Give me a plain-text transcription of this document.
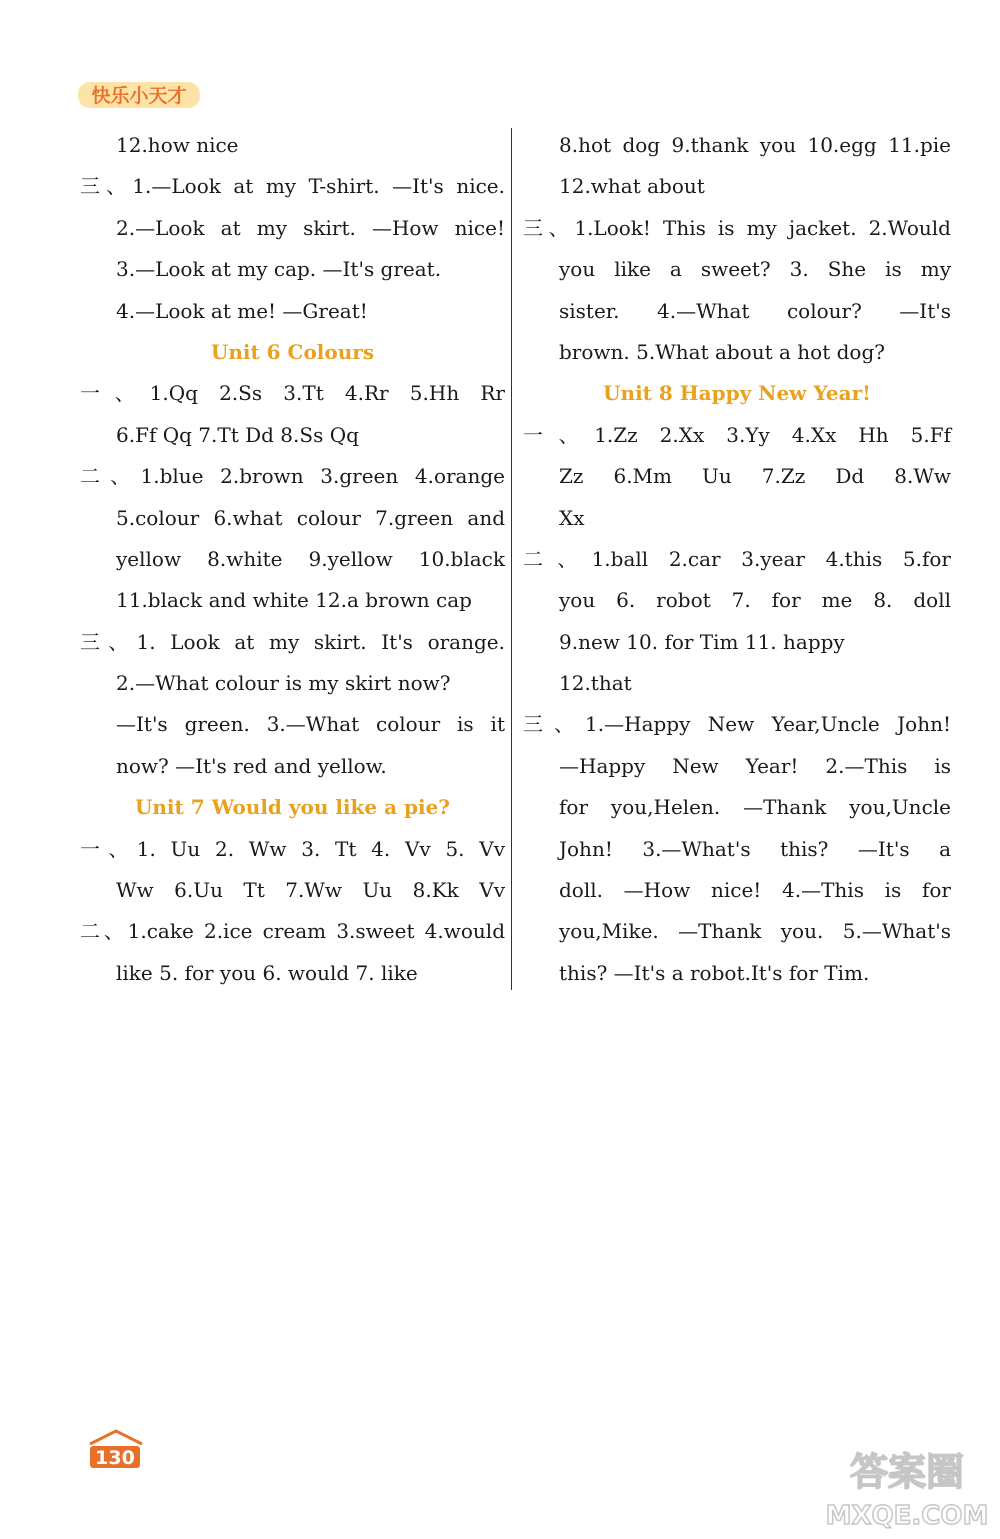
快乐小天才
12.how nice
三、1.—Look at my T-shirt. —It's nice.
2.—Look at my skirt. —How nice!
3.—Look at my cap. —It's great.
4.—Look at me! —Great!
Unit 6 Colours
一、1.Qq 2.Ss 3.Tt 4.Rr 5.Hh Rr
6.Ff Qq 7.Tt Dd 8.Ss Qq
二、1.blue 2.brown 3.green 4.orange
5.colour 6.what colour 7.green and
yellow 8.white 9.yellow 10.black
11.black and white 12.a brown cap
三、1. Look at my skirt. It's orange.
2.—What colour is my skirt now?
—It's green. 3.—What colour is it
now? —It's red and yellow.
Unit 7 Would you like a pie?
一、1. Uu 2. Ww 3. Tt 4. Vv 5. Vv
Ww 6.Uu Tt 7.Ww Uu 8.Kk Vv
二、1.cake 2.ice cream 3.sweet 4.would
like 5. for you 6. would 7. like
8.hot dog 9.thank you 10.egg 11.pie
12.what about
三、1.Look! This is my jacket. 2.Would
you like a sweet? 3. She is my
sister. 4.—What colour? —It's
brown. 5.What about a hot dog?
Unit 8 Happy New Year!
一、1.Zz 2.Xx 3.Yy 4.Xx Hh 5.Ff
Zz 6.Mm Uu 7.Zz Dd 8.Ww
Xx
二、1.ball 2.car 3.year 4.this 5.for
you 6. robot 7. for me 8. doll
9.new 10. for Tim 11. happy
12.that
三、1.—Happy New Year,Uncle John!
—Happy New Year! 2.—This is
for you,Helen. —Thank you,Uncle
John! 3.—What's this? —It's a
doll. —How nice! 4.—This is for
you,Mike. —Thank you. 5.—What's
this? —It's a robot.It's for Tim.
130	答案圈
MXQE.COM
